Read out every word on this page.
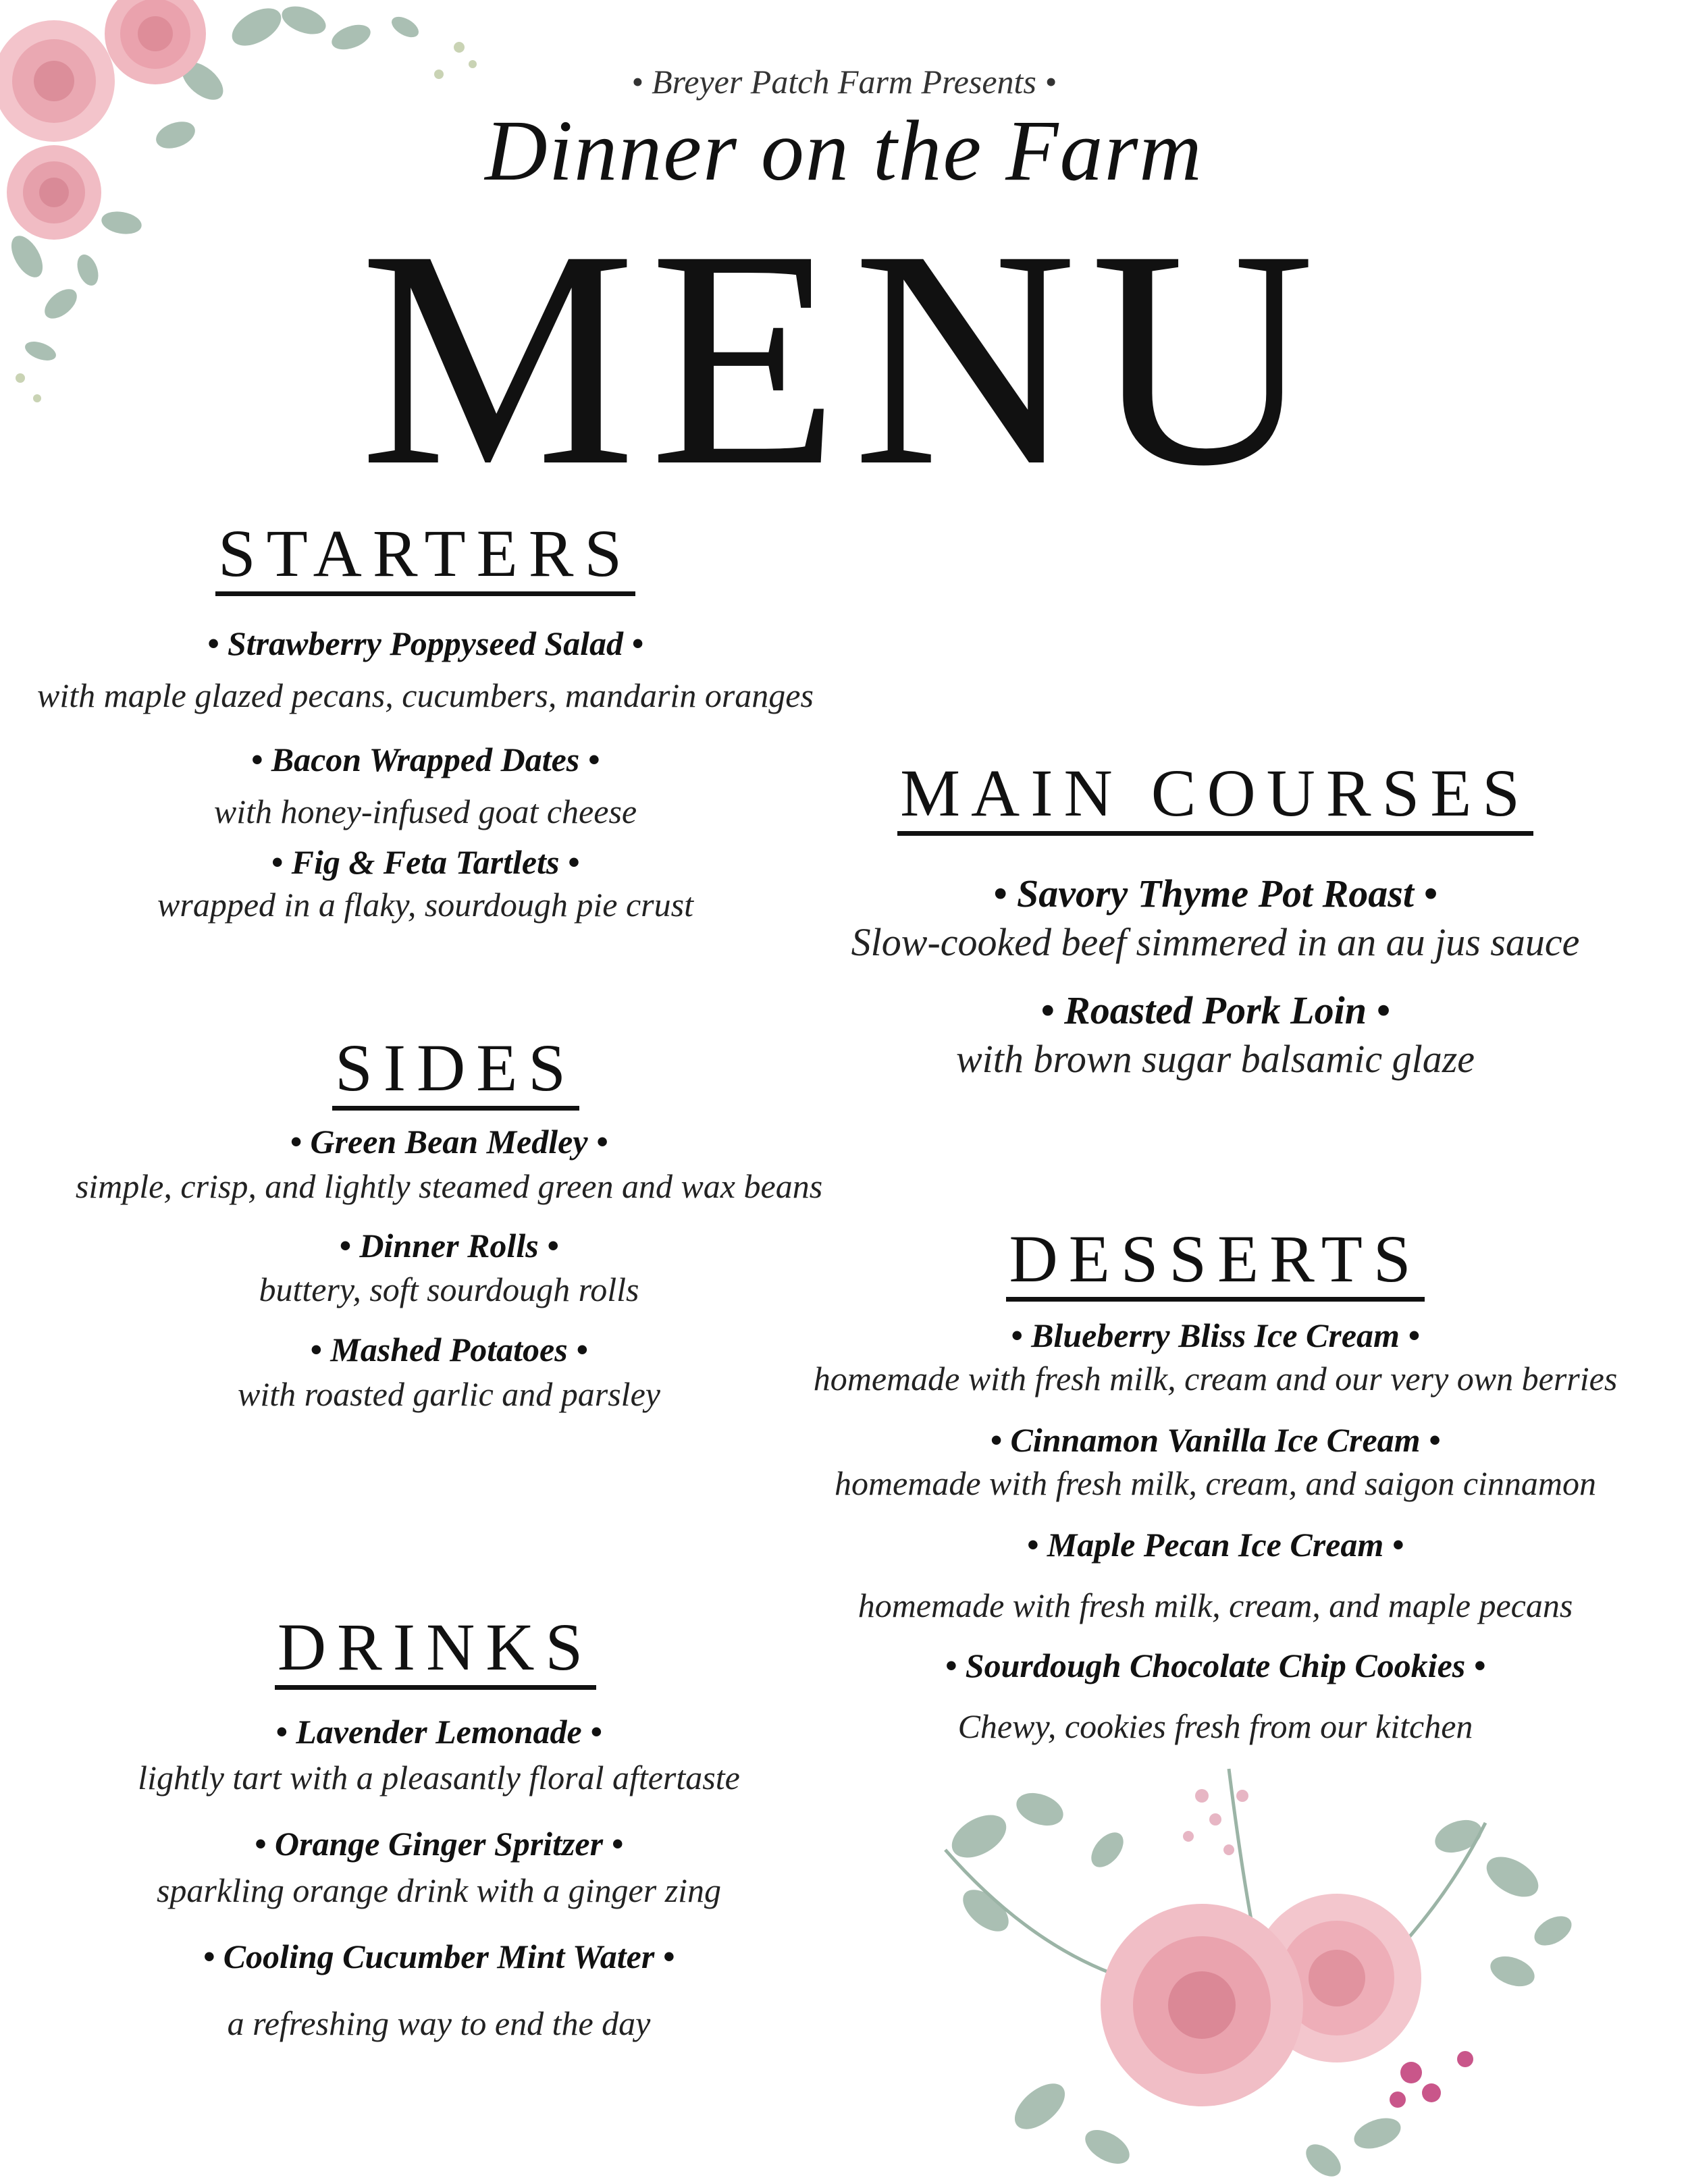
• Breyer Patch Farm Presents •
Dinner on the Farm
MENU
STARTERS
• Strawberry Poppyseed Salad •
with maple glazed pecans, cucumbers, mandarin oranges
• Bacon Wrapped Dates •
with honey-infused goat cheese
• Fig & Feta Tartlets •
wrapped in a flaky, sourdough pie crust
MAIN COURSES
• Savory Thyme Pot Roast •
Slow-cooked beef simmered in an au jus sauce
• Roasted Pork Loin •
with brown sugar balsamic glaze
SIDES
• Green Bean Medley •
simple, crisp, and lightly steamed green and wax beans
• Dinner Rolls •
buttery, soft sourdough rolls
• Mashed Potatoes •
with roasted garlic and parsley
DESSERTS
• Blueberry Bliss Ice Cream •
homemade with fresh milk, cream and our very own berries
• Cinnamon Vanilla Ice Cream •
homemade with fresh milk, cream, and saigon cinnamon
• Maple Pecan Ice Cream •
homemade with fresh milk, cream, and maple pecans
• Sourdough Chocolate Chip Cookies •
Chewy, cookies fresh from our kitchen
DRINKS
• Lavender Lemonade •
lightly tart with a pleasantly floral aftertaste
• Orange Ginger Spritzer •
sparkling orange drink with a ginger zing
• Cooling Cucumber Mint Water •
a refreshing way to end the day
